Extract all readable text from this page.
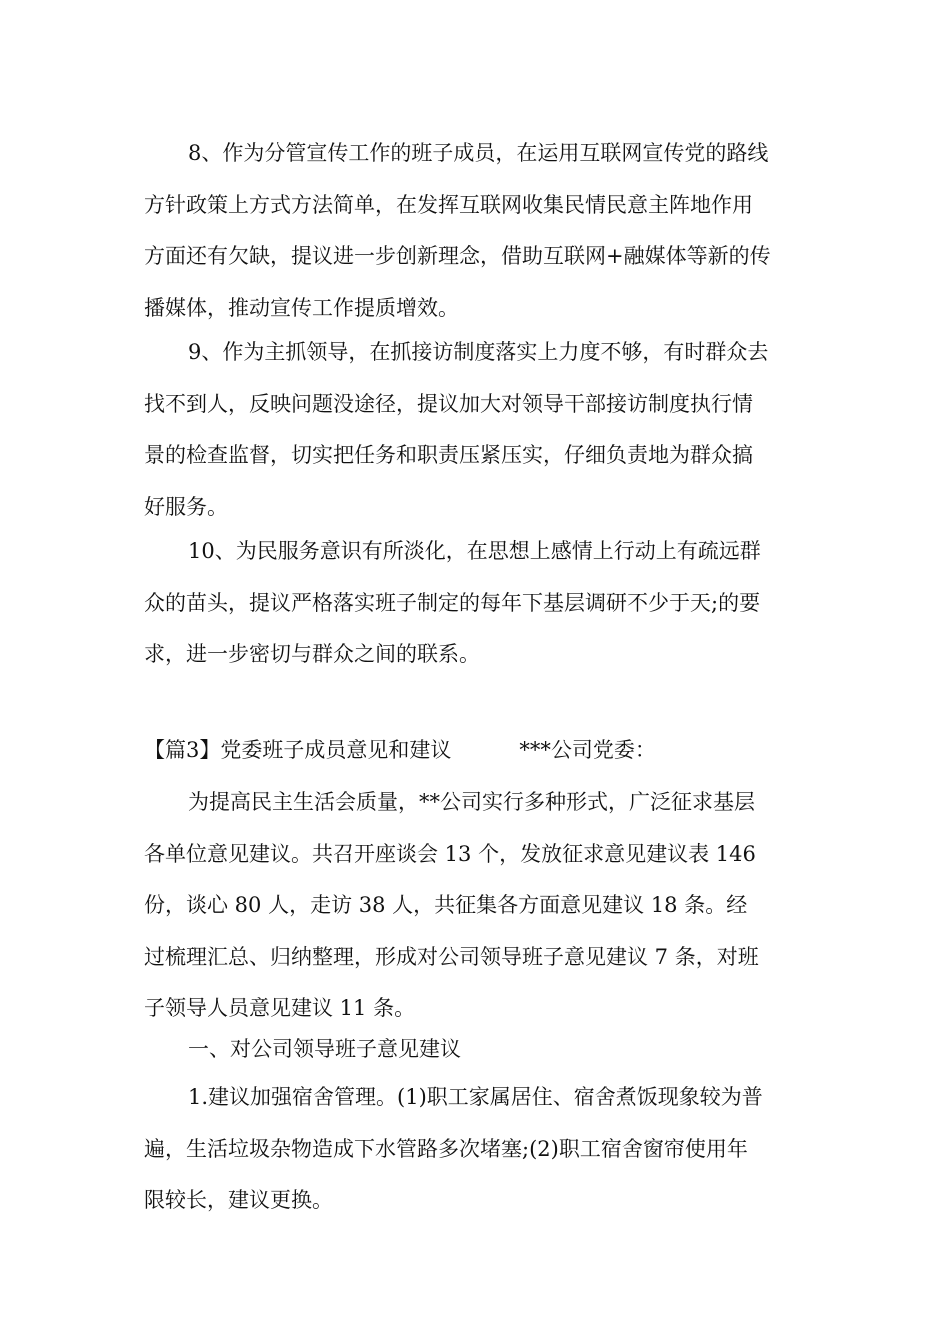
8、作为分管宣传工作的班子成员，在运用互联网宣传党的路线
方针政策上方式方法简单，在发挥互联网收集民情民意主阵地作用
方面还有欠缺，提议进一步创新理念，借助互联网+融媒体等新的传
播媒体，推动宣传工作提质增效。
9、作为主抓领导，在抓接访制度落实上力度不够，有时群众去
找不到人，反映问题没途径，提议加大对领导干部接访制度执行情
景的检查监督，切实把任务和职责压紧压实，仔细负责地为群众搞
好服务。
10、为民服务意识有所淡化，在思想上感情上行动上有疏远群
众的苗头，提议严格落实班子制定的每年下基层调研不少于天;的要
求，进一步密切与群众之间的联系。
【篇3】党委班子成员意见和建议	***公司党委：
为提高民主生活会质量，**公司实行多种形式，广泛征求基层
各单位意见建议。共召开座谈会 13 个，发放征求意见建议表 146
份，谈心 80 人，走访 38 人，共征集各方面意见建议 18 条。经
过梳理汇总、归纳整理，形成对公司领导班子意见建议 7 条，对班
子领导人员意见建议 11 条。
一、对公司领导班子意见建议
1.建议加强宿舍管理。(1)职工家属居住、宿舍煮饭现象较为普
遍，生活垃圾杂物造成下水管路多次堵塞;(2)职工宿舍窗帘使用年
限较长，建议更换。
